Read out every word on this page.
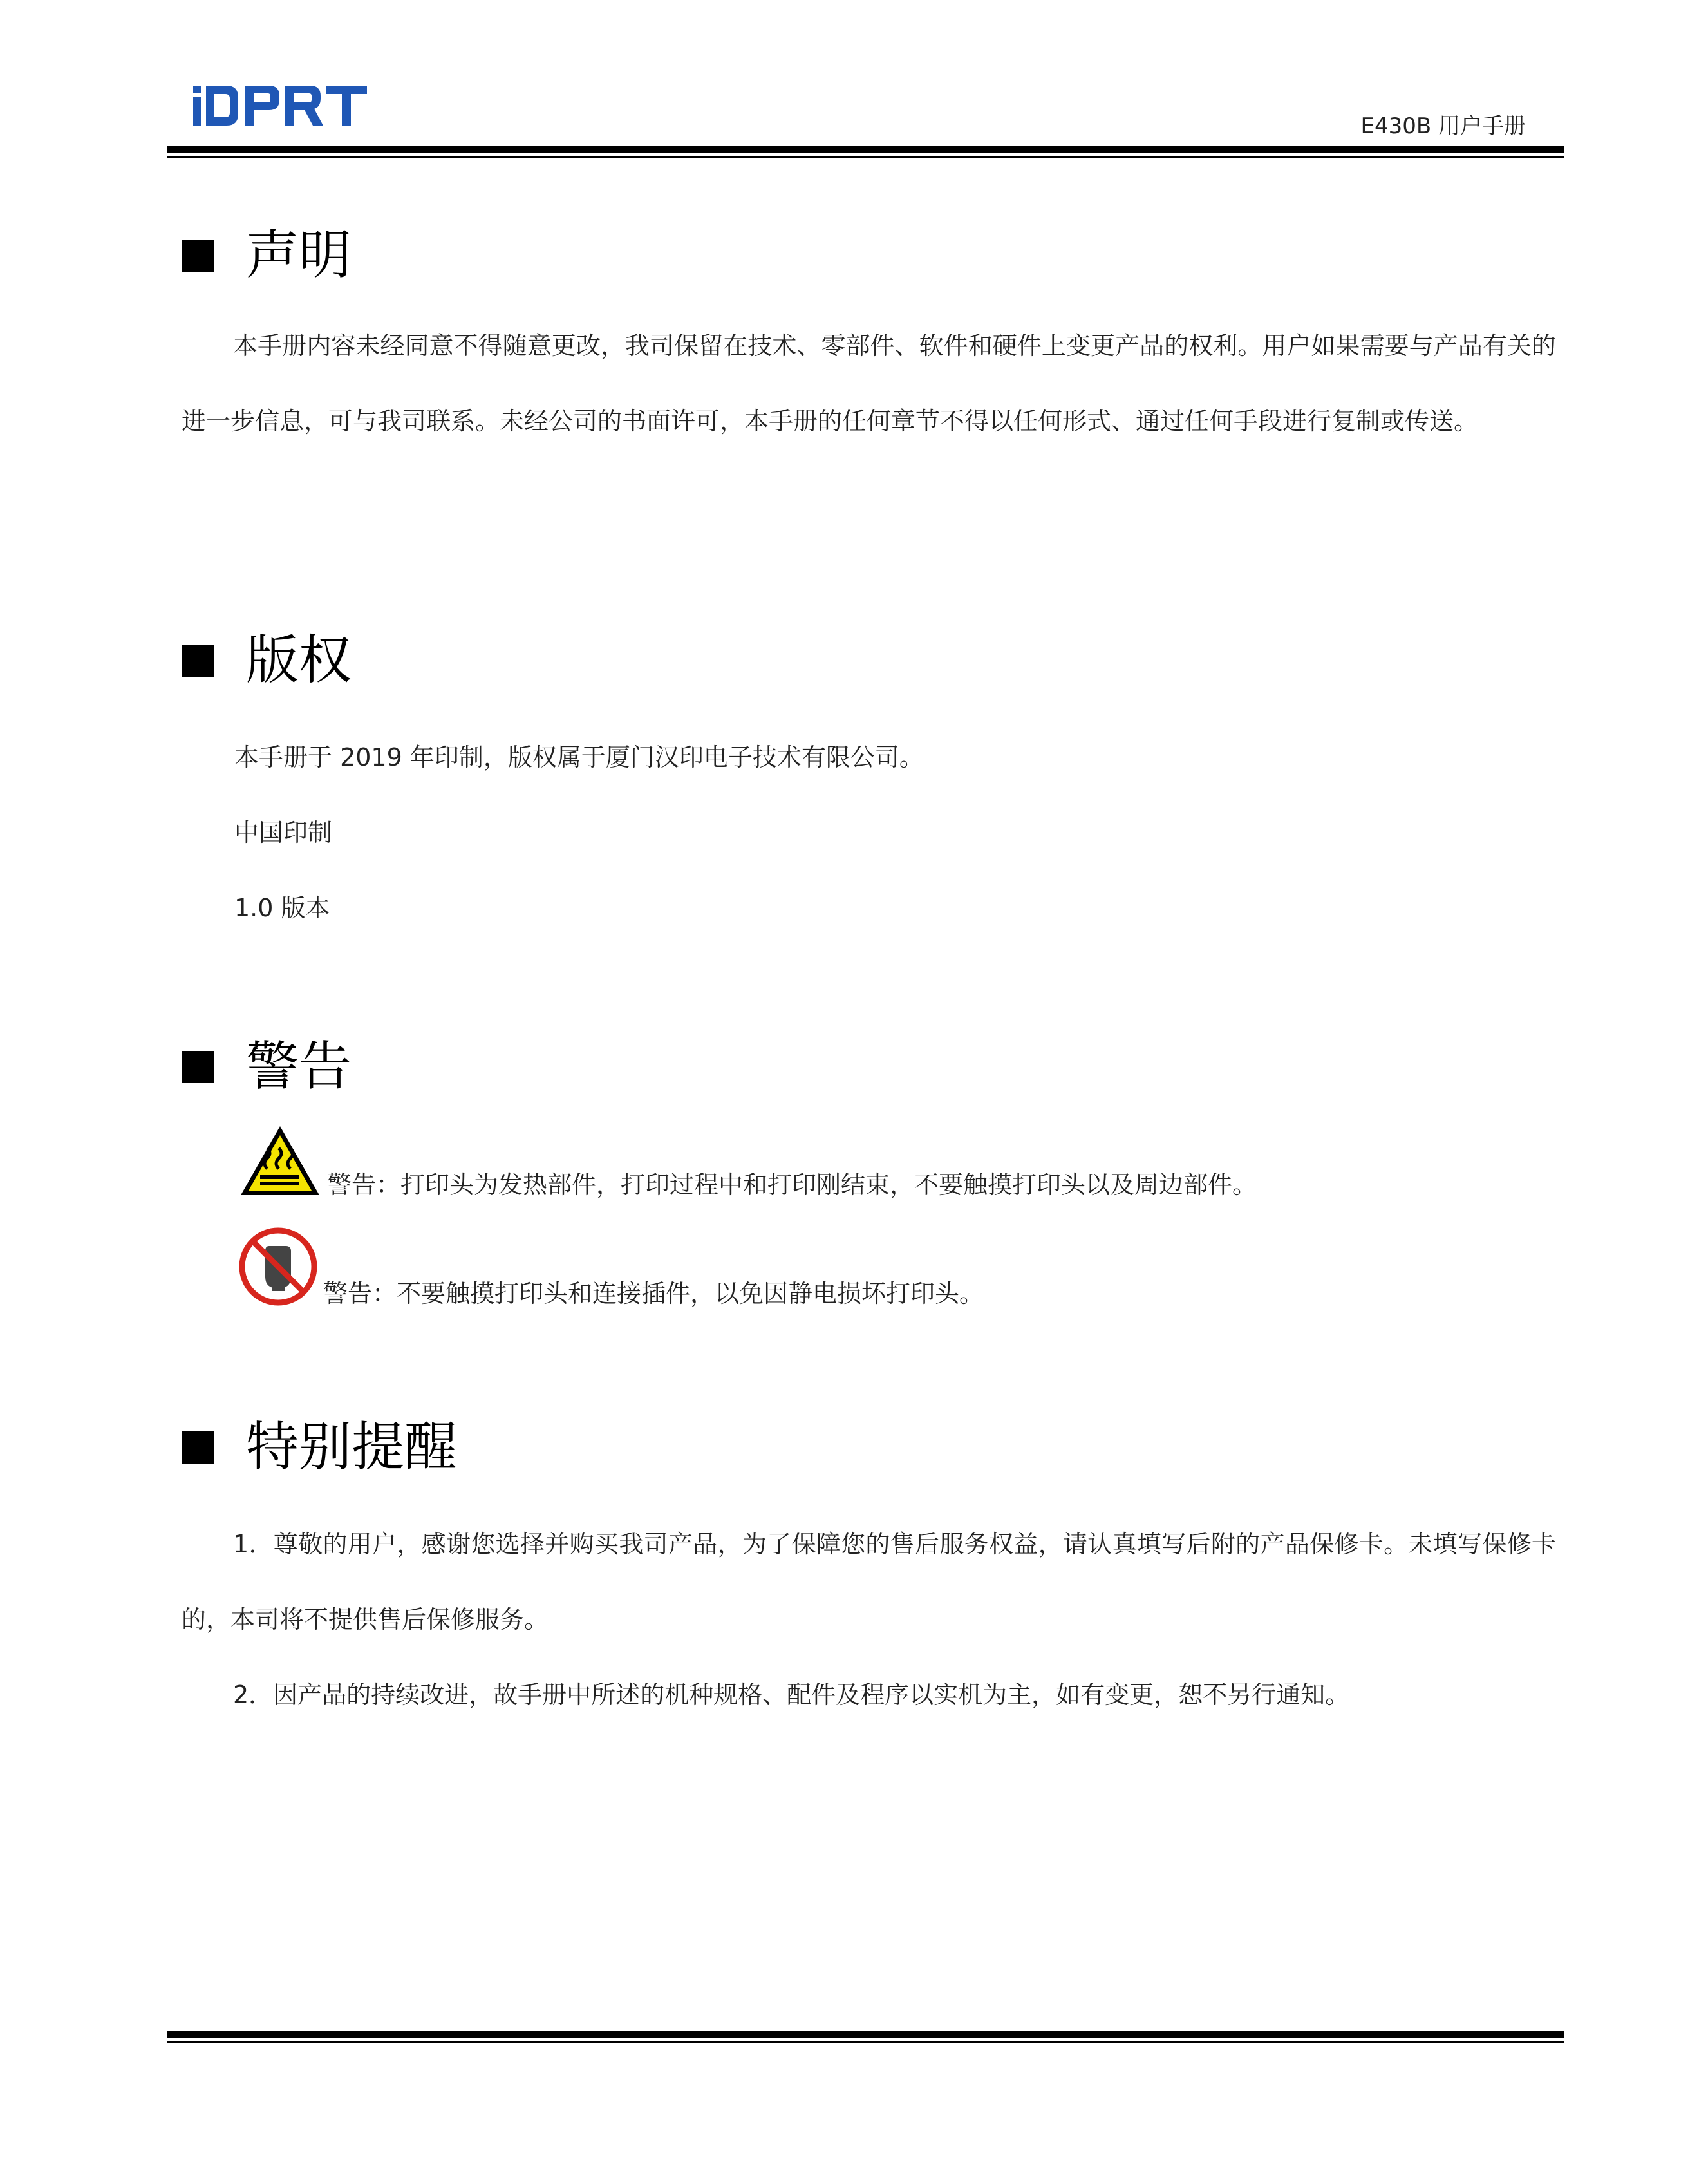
E430B 用户手册
声明
本手册内容未经同意不得随意更改，我司保留在技术、零部件、软件和硬件上变更产品的权利。用户如果需要与产品有关的进一步信息，可与我司联系。未经公司的书面许可，本手册的任何章节不得以任何形式、通过任何手段进行复制或传送。
版权
本手册于 2019 年印制，版权属于厦门汉印电子技术有限公司。
中国印制
1.0 版本
警告
警告：打印头为发热部件，打印过程中和打印刚结束，不要触摸打印头以及周边部件。
警告：不要触摸打印头和连接插件，以免因静电损坏打印头。
特别提醒
1．尊敬的用户，感谢您选择并购买我司产品，为了保障您的售后服务权益，请认真填写后附的产品保修卡。未填写保修卡的，本司将不提供售后保修服务。
2．因产品的持续改进，故手册中所述的机种规格、配件及程序以实机为主，如有变更，恕不另行通知。
